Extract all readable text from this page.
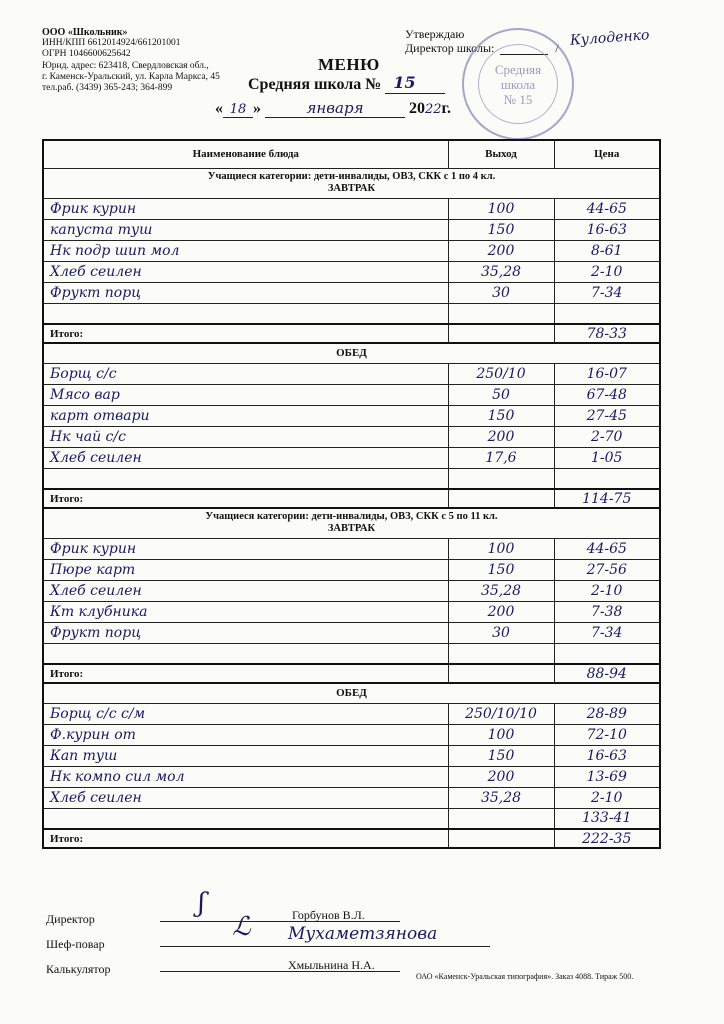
ООО «Школьник»
ИНН/КПП 6612014924/661201001
ОГРН 1046600625642
Юрид. адрес: 623418, Свердловская обл.,
г. Каменск-Уральский, ул. Карла Маркса, 45
тел.раб. (3439) 365-243; 364-899
Утверждаю
Директор школы:	/ Кулоденко
Средняя
школа
№ 15
МЕНЮ
Средняя школа № 15
« 18 »	января	2022г.
Наименование блюда	Выход	Цена

Учащиеся категории: дети-инвалиды, ОВЗ, СКК с 1 по 4 кл.
ЗАВТРАК		

Фрик курин	100	44-65
капуста туш	150	16-63
Нк подр шип мол	200	8-61
Хлеб сеилен	35,28	2-10
Фрукт порц	30	7-34

Итого:		78-33
ОБЕД		
Борщ с/с	250/10	16-07
Мясо вар	50	67-48
карт отвари	150	27-45
Нк чай с/с	200	2-70
Хлеб сеилен	17,6	1-05

Итого:		114-75

Учащиеся категории: дети-инвалиды, ОВЗ, СКК с 5 по 11 кл.
ЗАВТРАК		

Фрик курин	100	44-65
Пюре карт	150	27-56
Хлеб сеилен	35,28	2-10
Кт клубника	200	7-38
Фрукт порц	30	7-34

Итого:		88-94
ОБЕД		
Борщ с/с с/м	250/10/10	28-89
Ф.курин от	100	72-10
Кап туш	150	16-63
Нк компо сил мол	200	13-69
Хлеб сеилен	35,28	2-10
		133-41
Итого:		222-35
Директор	Горбунов В.Л.
ʃ
Шеф-повар	Мухаметзянова
ℒ
Калькулятор	Хмыльнина Н.А.
ОАО «Каменск-Уральская типография». Заказ 4088. Тираж 500.
